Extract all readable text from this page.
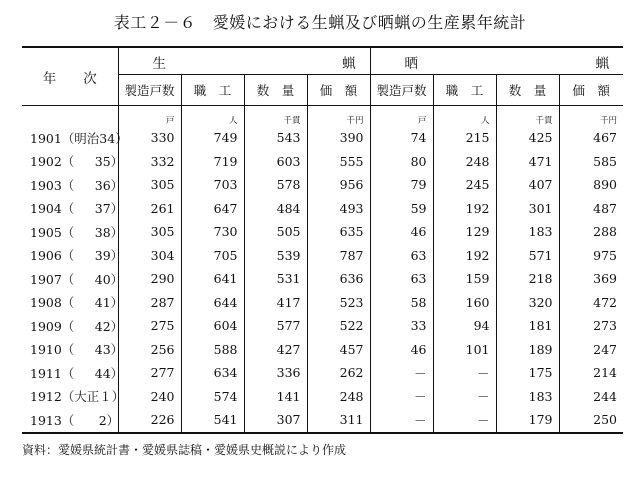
表工２－６　愛媛における生蝋及び晒蝋の生産累年統計
年　　次	生 蝋				晒 蝋			

	製造戸数	職　工	数　量	価　額	製造戸数	職　工	数　量	価　額
	戸	人	千貫	千円	戸	人	千貫	千円
1901（明治34）	330	749	543	390	74	215	425	467
1902（　  35）	332	719	603	555	80	248	471	585
1903（　  36）	305	703	578	956	79	245	407	890
1904（　  37）	261	647	484	493	59	192	301	487
1905（　  38）	305	730	505	635	46	129	183	288
1906（　  39）	304	705	539	787	63	192	571	975
1907（　  40）	290	641	531	636	63	159	218	369
1908（　  41）	287	644	417	523	58	160	320	472
1909（　  42）	275	604	577	522	33	94	181	273
1910（　  43）	256	588	427	457	46	101	189	247
1911（　  44）	277	634	336	262	－	－	175	214
1912（大正１）	240	574	141	248	－	－	183	244
1913（　   2）	226	541	307	311	－	－	179	250
資料：愛媛県統計書・愛媛県誌稿・愛媛県史概説により作成
